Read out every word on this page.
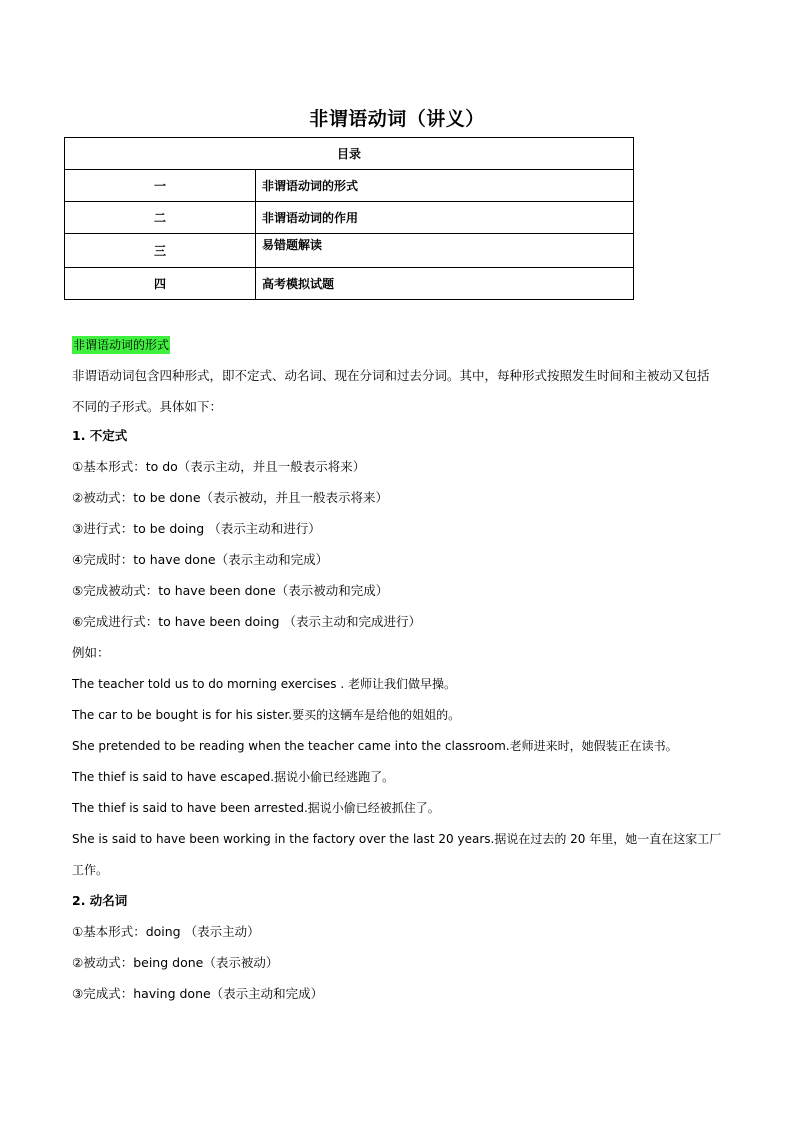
非谓语动词（讲义）
目录	
一	非谓语动词的形式
二	非谓语动词的作用
三	易错题解读
四	高考模拟试题
非谓语动词的形式
非谓语动词包含四种形式，即不定式、动名词、现在分词和过去分词。其中，每种形式按照发生时间和主被动又包括不同的子形式。具体如下：
1. 不定式
①基本形式：to do（表示主动，并且一般表示将来）
②被动式：to be done（表示被动，并且一般表示将来）
③进行式：to be doing （表示主动和进行）
④完成时：to have done（表示主动和完成）
⑤完成被动式：to have been done（表示被动和完成）
⑥完成进行式：to have been doing （表示主动和完成进行）
例如：
The teacher told us to do morning exercises . 老师让我们做早操。
The car to be bought is for his sister.要买的这辆车是给他的姐姐的。
She pretended to be reading when the teacher came into the classroom.老师进来时，她假装正在读书。
The thief is said to have escaped.据说小偷已经逃跑了。
The thief is said to have been arrested.据说小偷已经被抓住了。
She is said to have been working in the factory over the last 20 years.据说在过去的 20 年里，她一直在这家工厂
工作。
2. 动名词
①基本形式：doing （表示主动）
②被动式：being done（表示被动）
③完成式：having done（表示主动和完成）
